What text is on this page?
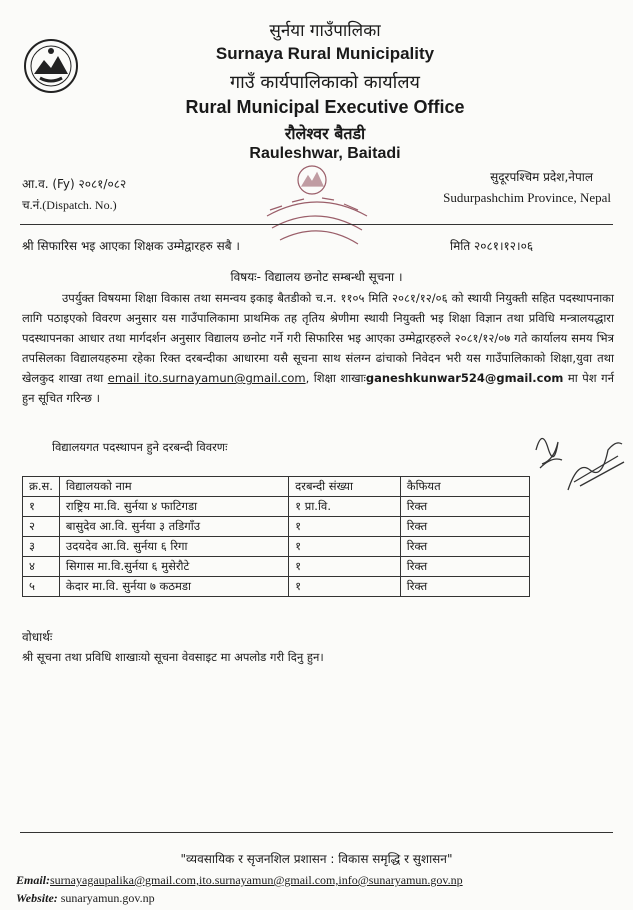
सुर्नया गाउँपालिका
Surnaya Rural Municipality
गाउँ कार्यपालिकाको कार्यालय
Rural Municipal Executive Office
रौलेश्वर बैतडी
Rauleshwar, Baitadi
आ.व. (Fy) २०८१/०८२
च.नं.(Dispatch. No.)
सुदूरपश्चिम प्रदेश,नेपाल
Sudurpashchim Province, Nepal
श्री सिफारिस भइ आएका शिक्षक उम्मेद्वारहरु सबै ।	मिति २०८१।१२।०६
विषयः- विद्यालय छनोट सम्बन्धी सूचना ।
उपर्युक्त विषयमा शिक्षा विकास तथा समन्वय इकाइ बैतडीको च.न. ११०५ मिति २०८१/१२/०६ को स्थायी नियुक्ती सहित पदस्थापनाका लागि पठाइएको विवरण अनुसार यस गाउँपालिकामा प्राथमिक तह तृतिय श्रेणीमा स्थायी नियुक्ती भइ शिक्षा विज्ञान तथा प्रविधि मन्त्रालयद्धारा पदस्थापनका आधार तथा मार्गदर्शन अनुसार विद्यालय छनोट गर्ने गरी सिफारिस भइ आएका उम्मेद्वारहरुले २०८१/१२/०७ गते कार्यालय समय भित्र तपसिलका विद्यालयहरुमा रहेका रिक्त दरबन्दीका आधारमा यसै सूचना साथ संलग्न ढांचाको निवेदन भरी यस गाउँपालिकाको शिक्षा,युवा तथा खेलकुद शाखा तथा email ito.surnayamun@gmail.com, शिक्षा शाखाःganeshkunwar524@gmail.com मा पेश गर्न हुन सूचित गरिन्छ ।
विद्यालयगत पदस्थापन हुने दरबन्दी विवरणः
क्र.स.	विद्यालयको नाम	दरबन्दी संख्या	कैफियत
१	राष्ट्रिय मा.वि. सुर्नया ४ फाटिगडा	१ प्रा.वि.	रिक्त
२	बासुदेव आ.वि. सुर्नया ३ तडिगाँउ	१	रिक्त
३	उदयदेव आ.वि. सुर्नया ६ रिगा	१	रिक्त
४	सिगास मा.वि.सुर्नया ६ मुसेरौटे	१	रिक्त
५	केदार मा.वि. सुर्नया ७ कठमडा	१	रिक्त
वोधार्थः
श्री सूचना तथा प्रविधि शाखाःयो सूचना वेवसाइट मा अपलोड गरी दिनु हुन।
"व्यवसायिक र सृजनशिल प्रशासन : विकास समृद्धि र सुशासन"
Email:surnayagaupalika@gmail.com,ito.surnayamun@gmail.com,info@sunaryamun.gov.np
Website: sunaryamun.gov.np
